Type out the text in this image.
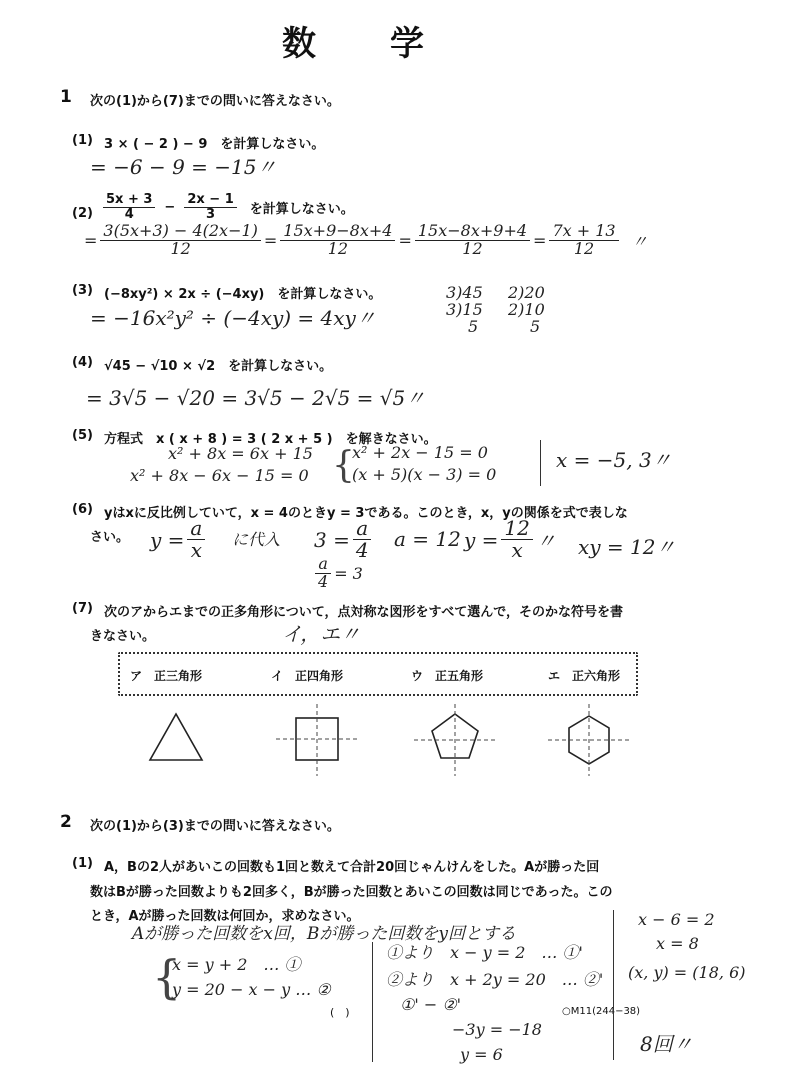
数　　学
1 次の(1)から(7)までの問いに答えなさい。
(1) 3 × ( − 2 ) − 9　を計算しなさい。
= −6 − 9 = −15〃
$(2) \frac{5x + 3}{4} - \frac{2x - 1}{3}$ を計算しなさい。
= $\frac{3(5x+3) - 4(2x-1)}{12} = \frac{15x+9-8x+4}{12} = \frac{15x-8x+9+4}{12} = \frac{7x + 13}{12}$ 〃
(3) (−8xy²) × 2x ÷ (−4xy)　を計算しなさい。
= −16x²y² ÷ (−4xy) = 4xy〃
3)45
3)15
5
2)20
2)10
5
(4) √45 − √10 × √2　を計算しなさい。
= 3√5 − √20 = 3√5 − 2√5 = √5〃
(5) 方程式　x ( x + 8 ) = 3 ( 2 x + 5 )　を解きなさい。
x² + 8x = 6x + 15
x² + 8x − 6x − 15 = 0 {
x² + 2x − 15 = 0
(x + 5)(x − 3) = 0
x = −5, 3〃
(6) yはxに反比例していて，x = 4のときy = 3である。このとき，x，yの関係を式で表しな
さい。 $y = \frac{a}{x}$ に代入 $3 = \frac{a}{4}$
$\frac{a}{4} = 3$
a = 12 $y = \frac{12}{x}$ 〃 xy = 12〃
(7) 次のアからエまでの正多角形について，点対称な図形をすべて選んで，そのかな符号を書
きなさい。	イ，エ〃
ア　 正三角形	イ　 正四角形	ウ　 正五角形	エ　 正六角形
2 次の(1)から(3)までの問いに答えなさい。
(1) A，Bの2人があいこの回数も1回と数えて合計20回じゃんけんをした。Aが勝った回
数はBが勝った回数よりも2回多く，Bが勝った回数とあいこの回数は同じであった。この
とき，Aが勝った回数は何回か，求めなさい。
Aが勝った回数をx回，Bが勝った回数をy回とする
{
x = y + 2　… ①
y = 20 − x − y … ②
(　)
①より　x − y = 2　… ①'
②より　x + 2y = 20　… ②'
①' − ②'
−3y = −18
y = 6
○M11(244−38)
x − 6 = 2
x = 8
(x, y) = (18, 6)
8回〃
